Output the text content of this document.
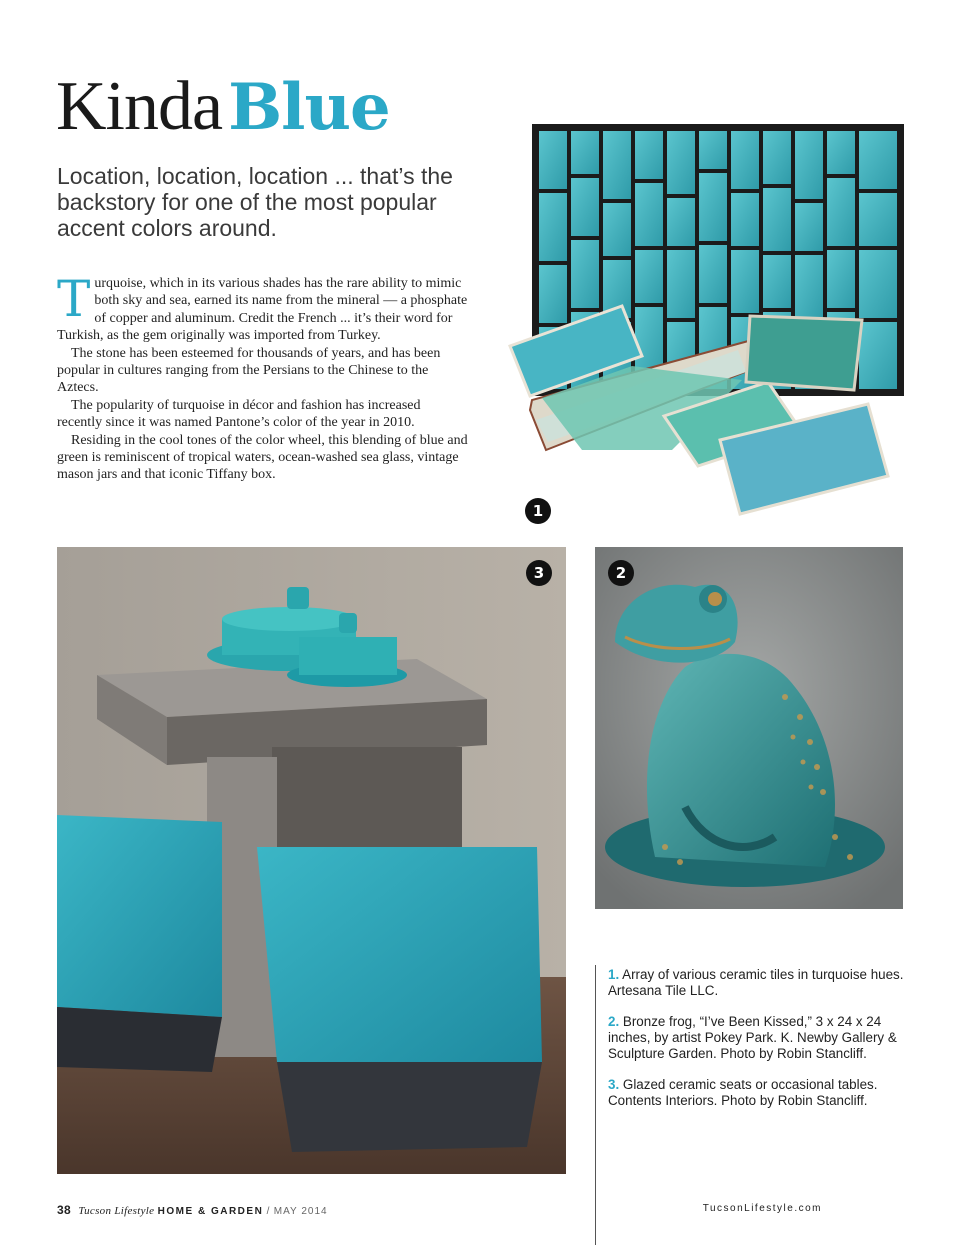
KindaBlue

Location, location, location ... that’s the backstory for one of the most popular accent colors around.

Turquoise, which in its various shades has the rare ability to mimic both sky and sea, earned its name from the mineral — a phosphate of copper and aluminum. Credit the French ... it’s their word for Turkish, as the gem originally was imported from Turkey.

The stone has been esteemed for thousands of years, and has been popular in cultures ranging from the Persians to the Chinese to the Aztecs.

The popularity of turquoise in décor and fashion has increased recently since it was named Pantone’s color of the year in 2010.

Residing in the cool tones of the color wheel, this blending of blue and green is reminiscent of tropical waters, ocean-washed sea glass, vintage mason jars and that iconic Tiffany box.

1
3	2

1. Array of various ceramic tiles in turquoise hues. Artesana Tile LLC.

2. Bronze frog, “I’ve Been Kissed,” 3 x 24 x 24 inches, by artist Pokey Park. K. Newby Gallery & Sculpture Garden. Photo by Robin Stancliff.

3. Glazed ceramic seats or occasional tables. Contents Interiors. Photo by Robin Stancliff.

38 Tucson Lifestyle HOME & GARDEN / MAY 2014	TucsonLifestyle.com
